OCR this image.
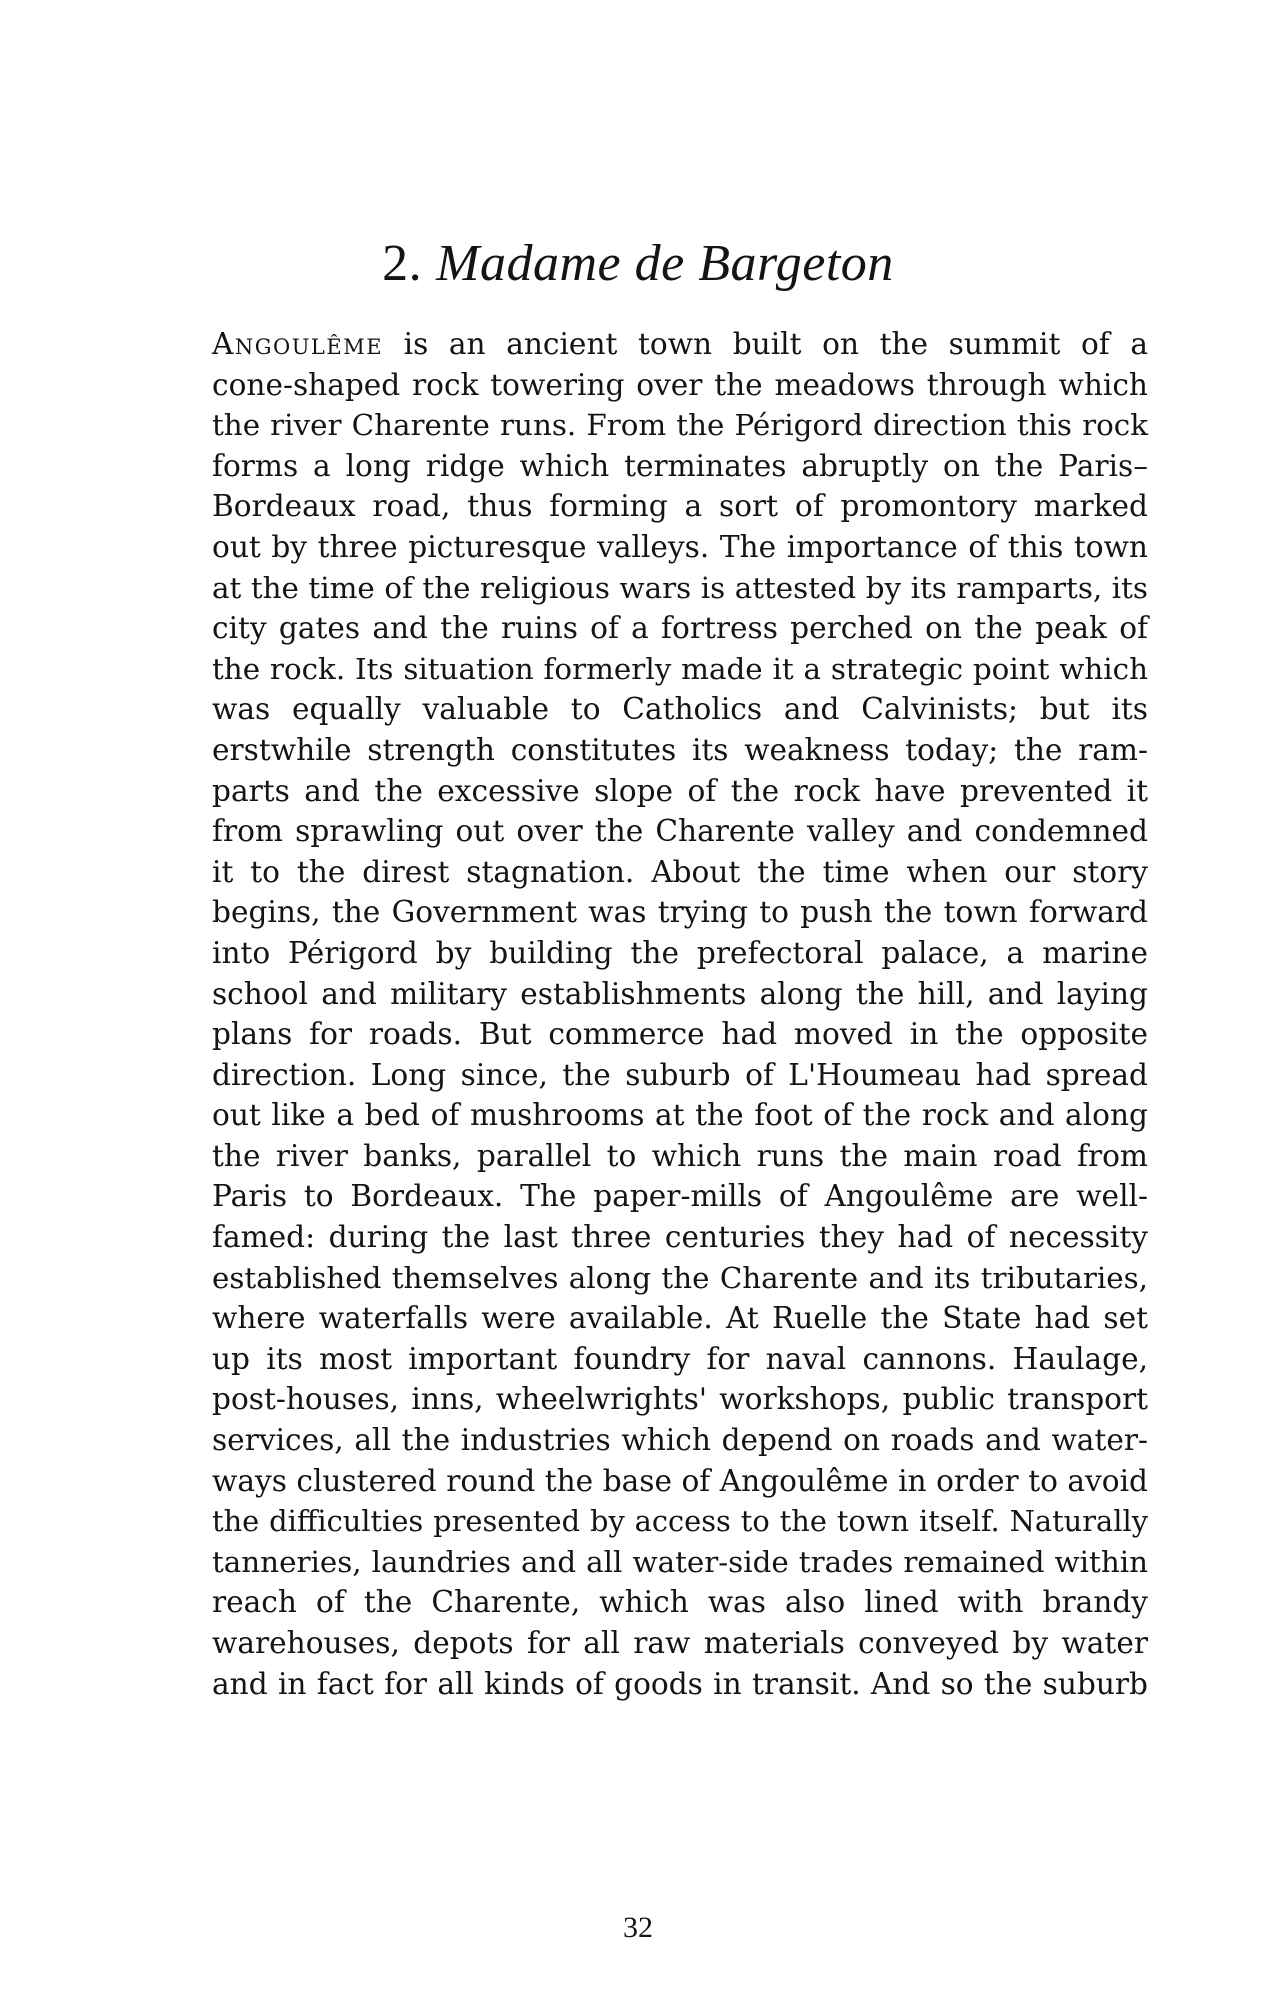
2. Madame de Bargeton
Angoulême is an ancient town built on the summit of a
cone-shaped rock towering over the meadows through which
the river Charente runs. From the Périgord direction this rock
forms a long ridge which terminates abruptly on the Paris–
Bordeaux road, thus forming a sort of promontory marked
out by three picturesque valleys. The importance of this town
at the time of the religious wars is attested by its ramparts, its
city gates and the ruins of a fortress perched on the peak of
the rock. Its situation formerly made it a strategic point which
was equally valuable to Catholics and Calvinists; but its
erstwhile strength constitutes its weakness today; the ram-
parts and the excessive slope of the rock have prevented it
from sprawling out over the Charente valley and condemned
it to the direst stagnation. About the time when our story
begins, the Government was trying to push the town forward
into Périgord by building the prefectoral palace, a marine
school and military establishments along the hill, and laying
plans for roads. But commerce had moved in the opposite
direction. Long since, the suburb of L'Houmeau had spread
out like a bed of mushrooms at the foot of the rock and along
the river banks, parallel to which runs the main road from
Paris to Bordeaux. The paper-mills of Angoulême are well-
famed: during the last three centuries they had of necessity
established themselves along the Charente and its tributaries,
where waterfalls were available. At Ruelle the State had set
up its most important foundry for naval cannons. Haulage,
post-houses, inns, wheelwrights' workshops, public transport
services, all the industries which depend on roads and water-
ways clustered round the base of Angoulême in order to avoid
the difficulties presented by access to the town itself. Naturally
tanneries, laundries and all water-side trades remained within
reach of the Charente, which was also lined with brandy
warehouses, depots for all raw materials conveyed by water
and in fact for all kinds of goods in transit. And so the suburb
32
